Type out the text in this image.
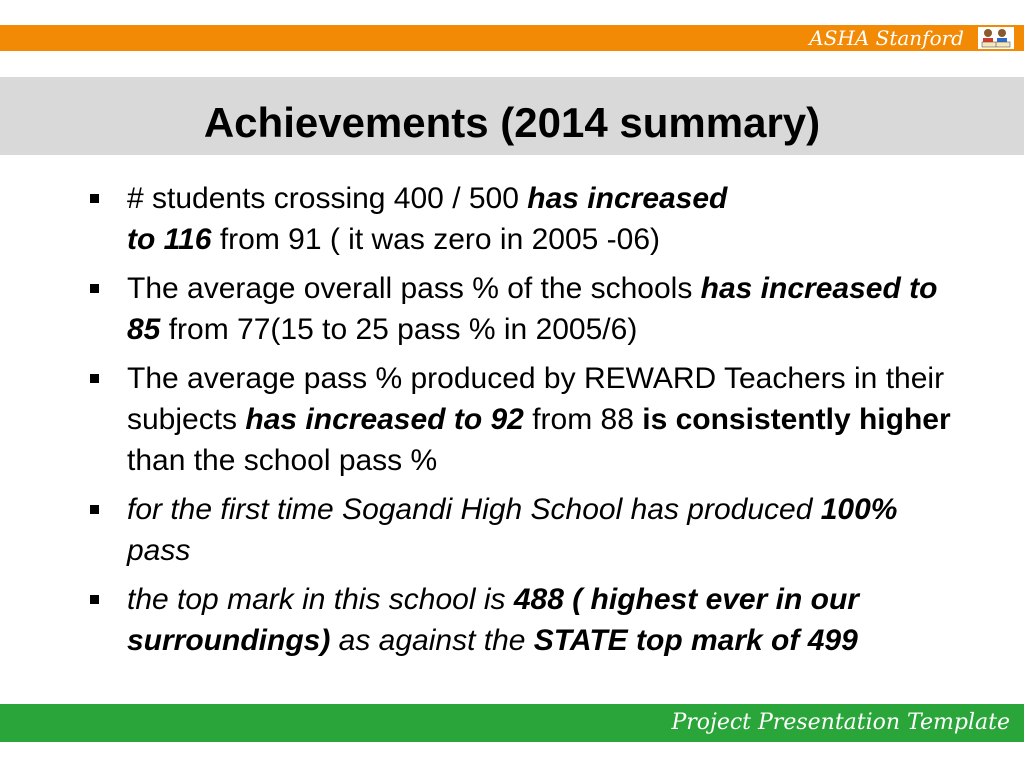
ASHA Stanford
Achievements (2014 summary)
# students crossing 400 / 500 has increased
to 116 from 91 ( it was zero in 2005 -06)
The average overall pass % of the schools has increased to 85 from 77(15 to 25 pass % in 2005/6)
The average pass % produced by REWARD Teachers in their subjects has increased to 92 from 88 is consistently higher than the school pass %
for the first time Sogandi High School has produced 100% pass
the top mark in this school is 488 ( highest ever in our surroundings) as against the STATE top mark of 499
Project Presentation Template
